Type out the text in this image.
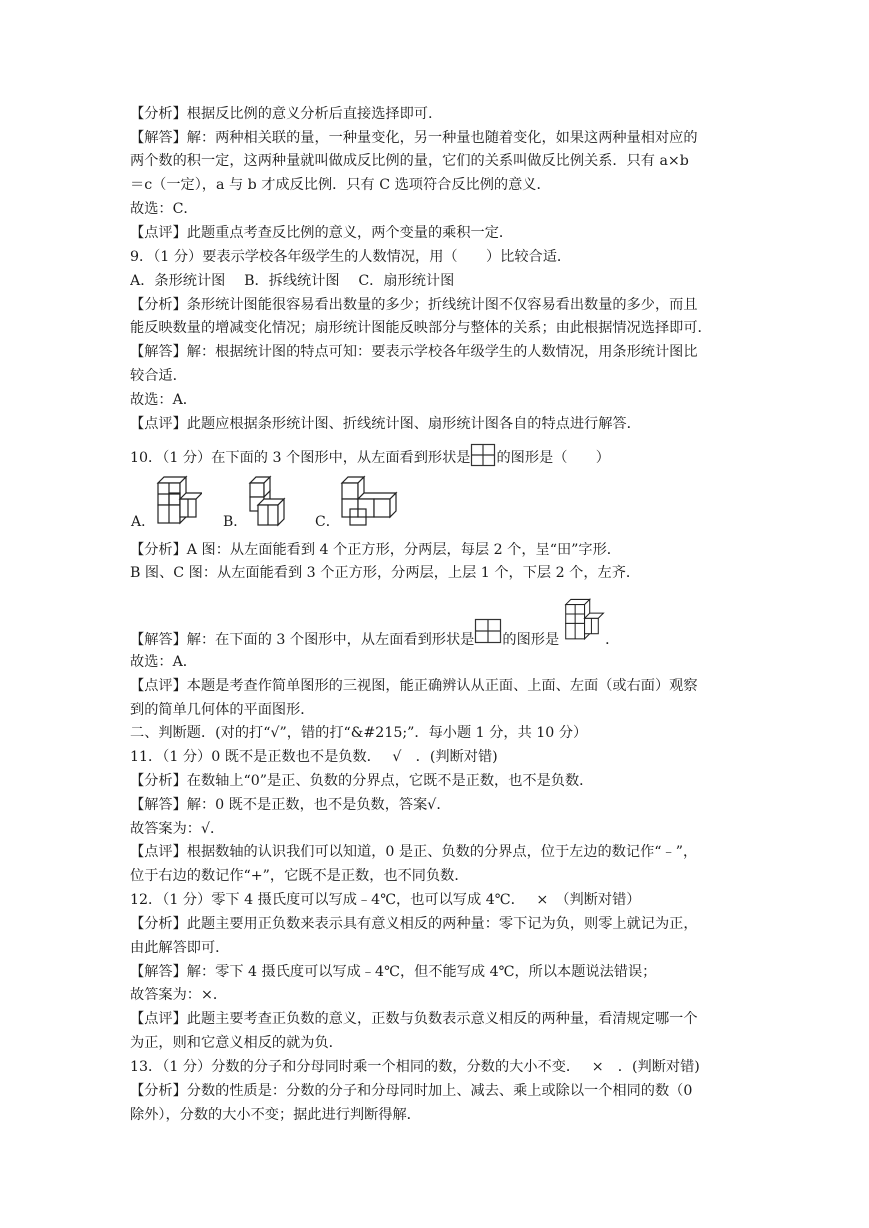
【分析】根据反比例的意义分析后直接选择即可.
【解答】解：两种相关联的量，一种量变化，另一种量也随着变化，如果这两种量相对应的
两个数的积一定，这两种量就叫做成反比例的量，它们的关系叫做反比例关系．只有 a×b
＝c（一定），a 与 b 才成反比例．只有 C 选项符合反比例的意义．
故选：C．
【点评】此题重点考查反比例的意义，两个变量的乘积一定．
9．（1 分）要表示学校各年级学生的人数情况，用（　　）比较合适．
A．条形统计图　 B．拆线统计图　 C．扇形统计图
【分析】条形统计图能很容易看出数量的多少；折线统计图不仅容易看出数量的多少，而且
能反映数量的增减变化情况；扇形统计图能反映部分与整体的关系；由此根据情况选择即可．
【解答】解：根据统计图的特点可知：要表示学校各年级学生的人数情况，用条形统计图比
较合适．
故选：A．
【点评】此题应根据条形统计图、折线统计图、扇形统计图各自的特点进行解答．
10．（1 分）在下面的 3 个图形中，从左面看到形状是 的图形是（　　）
A．	B．	C．
【分析】A 图：从左面能看到 4 个正方形，分两层，每层 2 个，呈“田”字形．
B 图、C 图：从左面能看到 3 个正方形，分两层，上层 1 个，下层 2 个，左齐．
【解答】解：在下面的 3 个图形中，从左面看到形状是 的图形是	．
故选：A．
【点评】本题是考查作简单图形的三视图，能正确辨认从正面、上面、左面（或右面）观察
到的简单几何体的平面图形．
二、判断题．(对的打“√”，错的打“&#215;”．每小题 1 分，共 10 分）
11．（1 分）0 既不是正数也不是负数．　 √　．(判断对错)
【分析】在数轴上“0”是正、负数的分界点，它既不是正数，也不是负数．
【解答】解：0 既不是正数，也不是负数，答案√．
故答案为：√．
【点评】根据数轴的认识我们可以知道，0 是正、负数的分界点，位于左边的数记作“﹣”，
位于右边的数记作“+”，它既不是正数，也不同负数．
12．（1 分）零下 4 摄氏度可以写成﹣4℃，也可以写成 4℃．　 ×　（判断对错）
【分析】此题主要用正负数来表示具有意义相反的两种量：零下记为负，则零上就记为正，
由此解答即可．
【解答】解：零下 4 摄氏度可以写成﹣4℃，但不能写成 4℃，所以本题说法错误；
故答案为：×．
【点评】此题主要考查正负数的意义，正数与负数表示意义相反的两种量，看清规定哪一个
为正，则和它意义相反的就为负．
13．（1 分）分数的分子和分母同时乘一个相同的数，分数的大小不变．　 ×　．(判断对错)
【分析】分数的性质是：分数的分子和分母同时加上、减去、乘上或除以一个相同的数（0
除外），分数的大小不变；据此进行判断得解．
